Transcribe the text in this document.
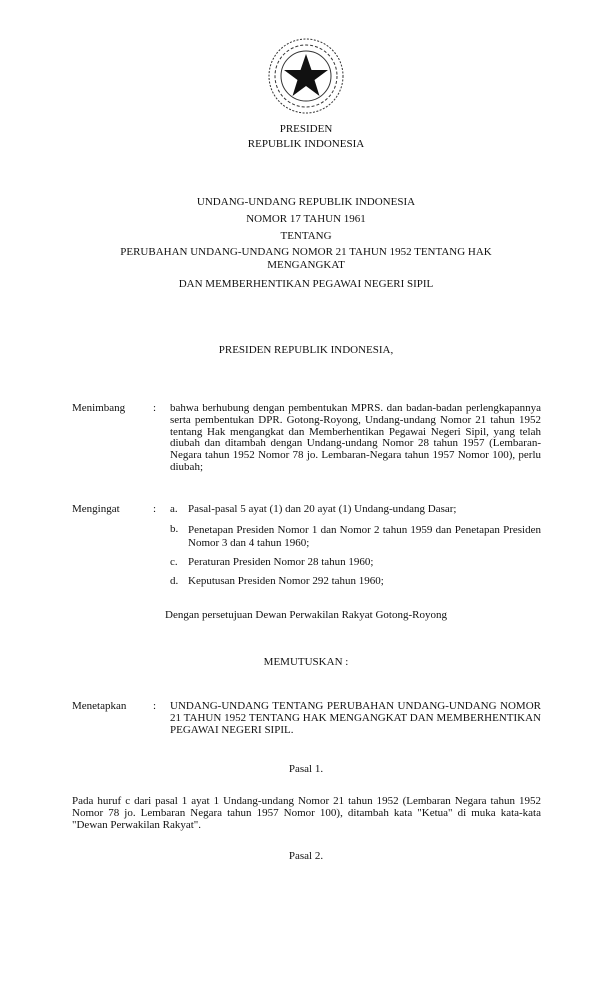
PRESIDEN
REPUBLIK INDONESIA
UNDANG-UNDANG REPUBLIK INDONESIA
NOMOR 17 TAHUN 1961
TENTANG
PERUBAHAN UNDANG-UNDANG NOMOR 21 TAHUN 1952 TENTANG HAK
MENGANGKAT
DAN MEMBERHENTIKAN PEGAWAI NEGERI SIPIL
PRESIDEN REPUBLIK INDONESIA,
Menimbang	: bahwa berhubung dengan pembentukan MPRS. dan badan-badan perlengkapannya serta pembentukan DPR. Gotong-Royong, Undang-undang Nomor 21 tahun 1952 tentang Hak mengangkat dan Memberhentikan Pegawai Negeri Sipil, yang telah diubah dan ditambah dengan Undang-undang Nomor 28 tahun 1957 (Lembaran-Negara tahun 1952 Nomor 78 jo. Lembaran-Negara tahun 1957 Nomor 100), perlu diubah;
Mengingat	: a. Pasal-pasal 5 ayat (1) dan 20 ayat (1) Undang-undang Dasar;
b. Penetapan Presiden Nomor 1 dan Nomor 2 tahun 1959 dan Penetapan Presiden Nomor 3 dan 4 tahun 1960;
c. Peraturan Presiden Nomor 28 tahun 1960;
d. Keputusan Presiden Nomor 292 tahun 1960;
Dengan persetujuan Dewan Perwakilan Rakyat Gotong-Royong
MEMUTUSKAN :
Menetapkan : UNDANG-UNDANG TENTANG PERUBAHAN UNDANG-UNDANG NOMOR 21 TAHUN 1952 TENTANG HAK MENGANGKAT DAN MEMBERHENTIKAN PEGAWAI NEGERI SIPIL.
Pasal 1.
Pada huruf c dari pasal 1 ayat 1 Undang-undang Nomor 21 tahun 1952 (Lembaran Negara tahun 1952 Nomor 78 jo. Lembaran Negara tahun 1957 Nomor 100), ditambah kata "Ketua" di muka kata-kata "Dewan Perwakilan Rakyat".
Pasal 2.
